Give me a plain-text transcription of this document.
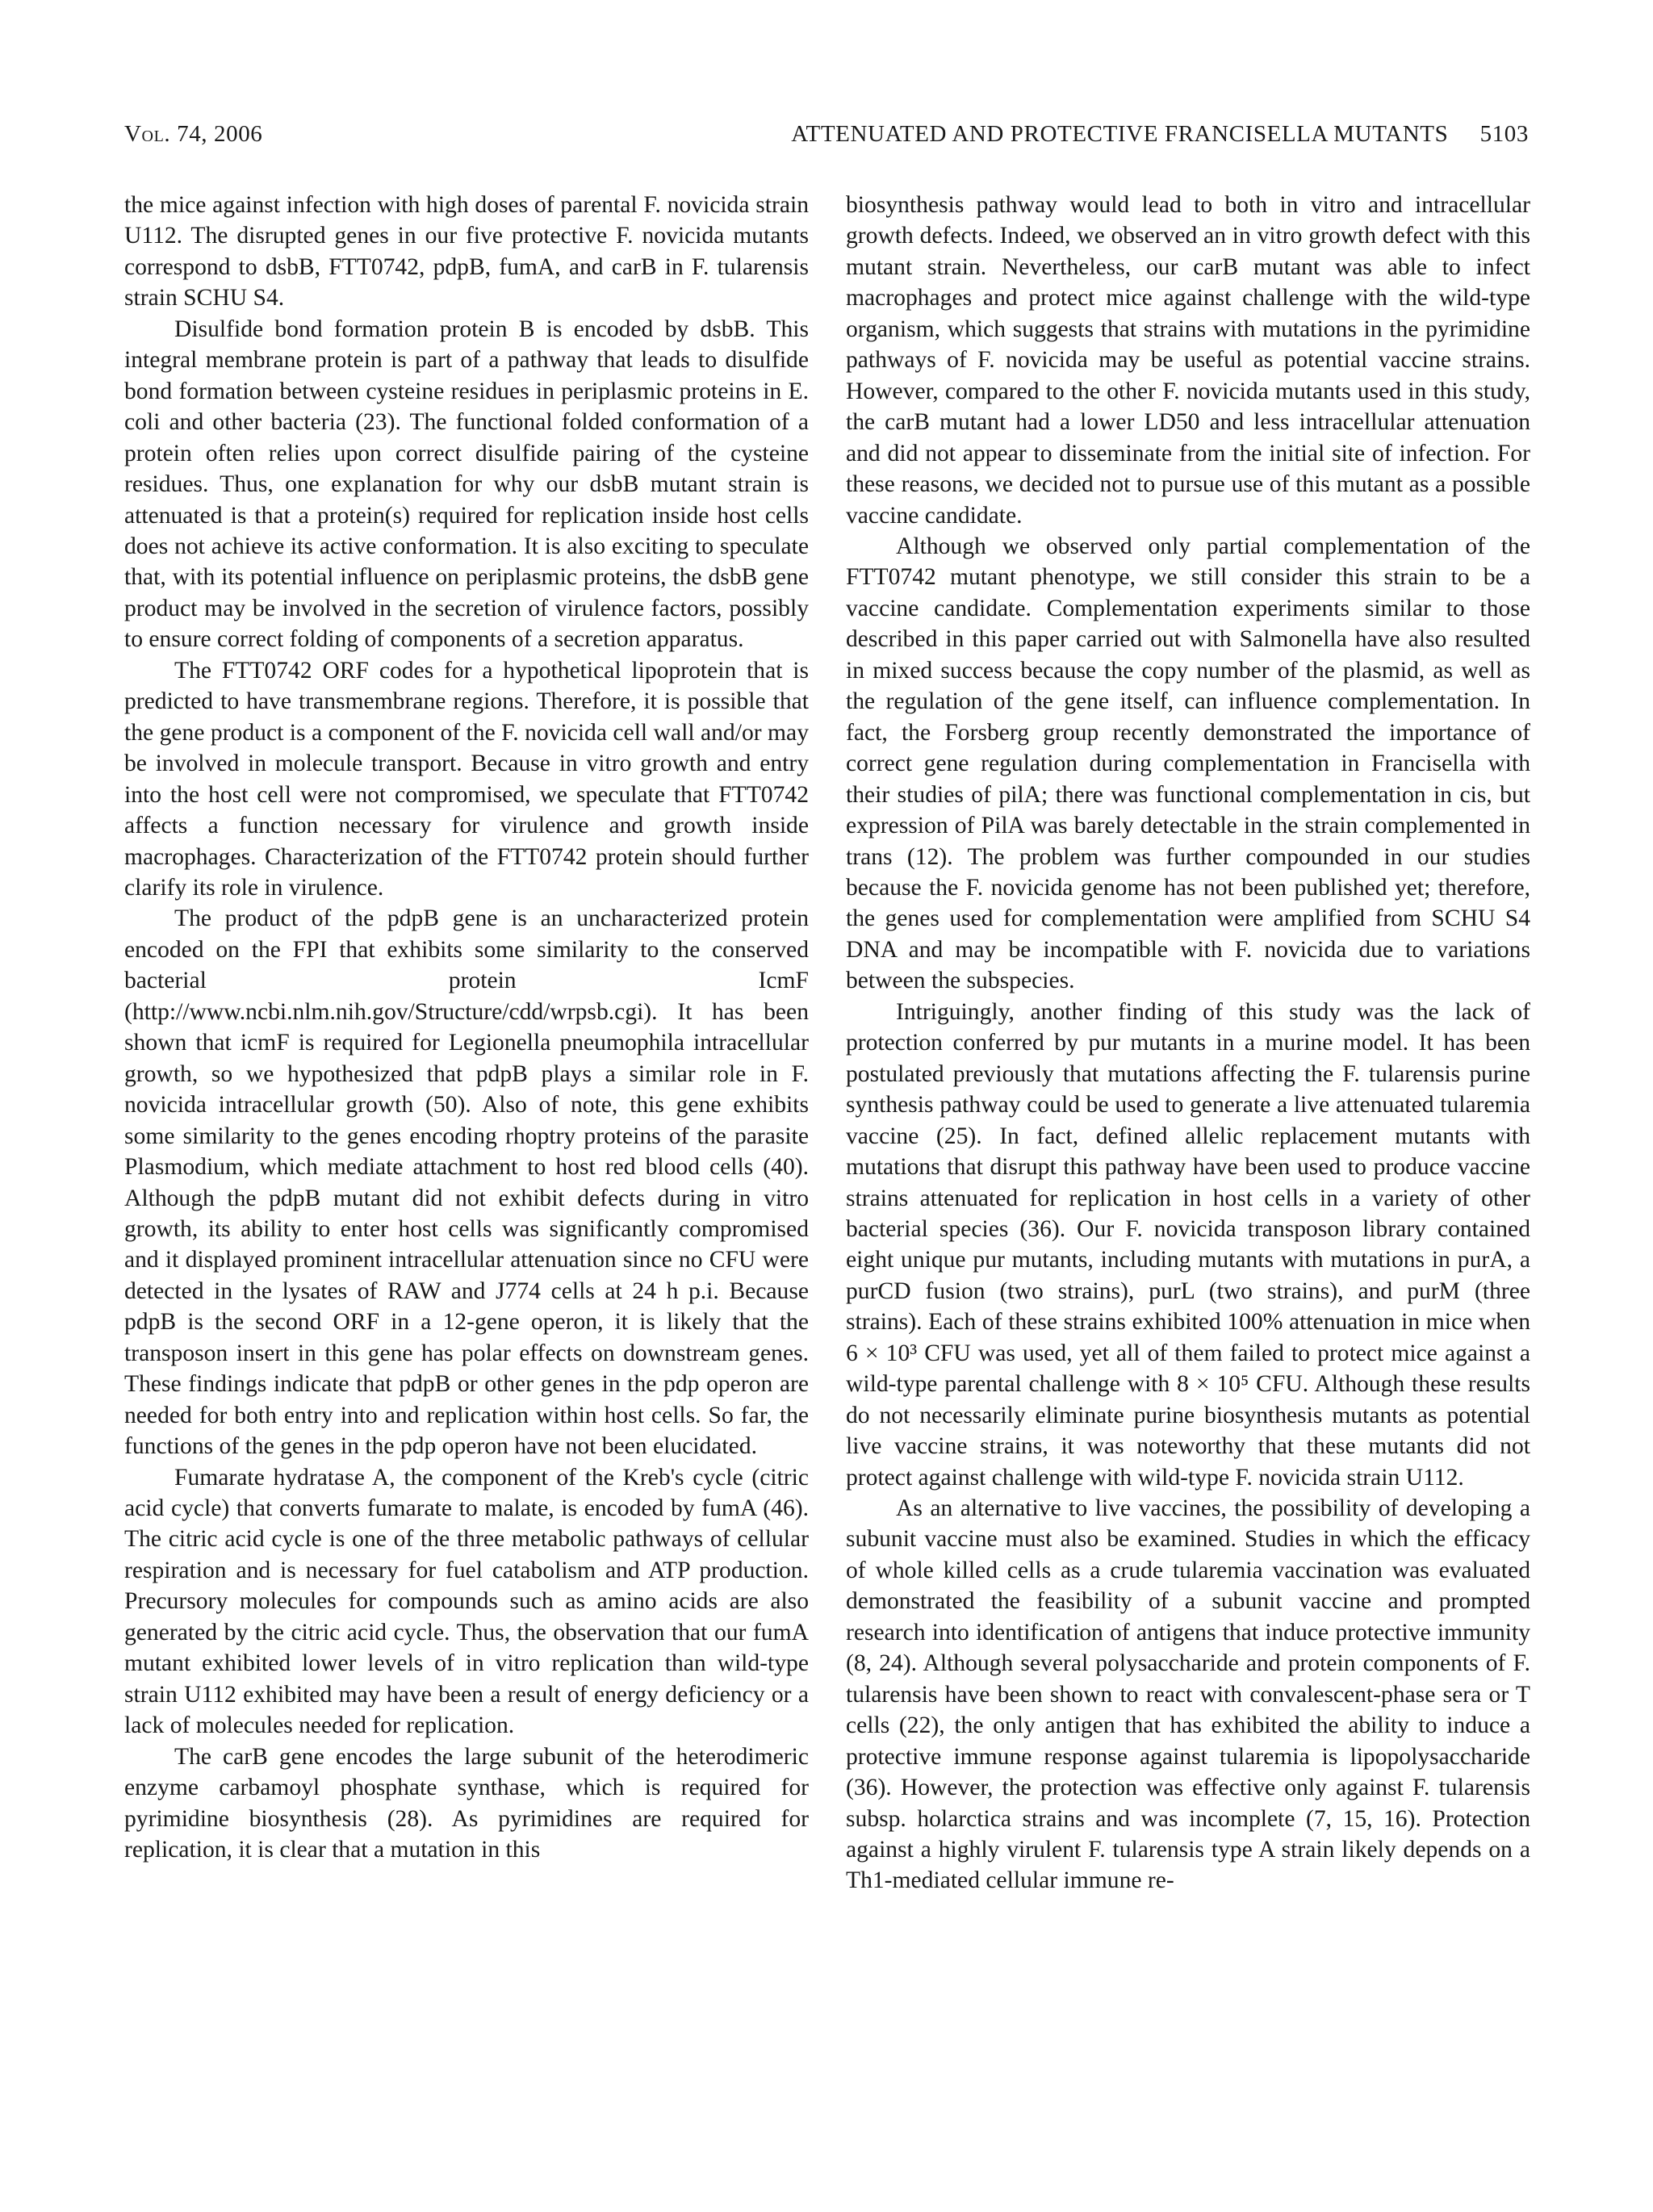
Vol. 74, 2006	ATTENUATED AND PROTECTIVE FRANCISELLA MUTANTS 5103

the mice against infection with high doses of parental F. novicida strain U112. The disrupted genes in our five protective F. novicida mutants correspond to dsbB, FTT0742, pdpB, fumA, and carB in F. tularensis strain SCHU S4.

Disulfide bond formation protein B is encoded by dsbB. This integral membrane protein is part of a pathway that leads to disulfide bond formation between cysteine residues in periplasmic proteins in E. coli and other bacteria (23). The functional folded conformation of a protein often relies upon correct disulfide pairing of the cysteine residues. Thus, one explanation for why our dsbB mutant strain is attenuated is that a protein(s) required for replication inside host cells does not achieve its active conformation. It is also exciting to speculate that, with its potential influence on periplasmic proteins, the dsbB gene product may be involved in the secretion of virulence factors, possibly to ensure correct folding of components of a secretion apparatus.

The FTT0742 ORF codes for a hypothetical lipoprotein that is predicted to have transmembrane regions. Therefore, it is possible that the gene product is a component of the F. novicida cell wall and/or may be involved in molecule transport. Because in vitro growth and entry into the host cell were not compromised, we speculate that FTT0742 affects a function necessary for virulence and growth inside macrophages. Characterization of the FTT0742 protein should further clarify its role in virulence.

The product of the pdpB gene is an uncharacterized protein encoded on the FPI that exhibits some similarity to the conserved bacterial protein IcmF (http://www.ncbi.nlm.nih.gov/Structure/cdd/wrpsb.cgi). It has been shown that icmF is required for Legionella pneumophila intracellular growth, so we hypothesized that pdpB plays a similar role in F. novicida intracellular growth (50). Also of note, this gene exhibits some similarity to the genes encoding rhoptry proteins of the parasite Plasmodium, which mediate attachment to host red blood cells (40). Although the pdpB mutant did not exhibit defects during in vitro growth, its ability to enter host cells was significantly compromised and it displayed prominent intracellular attenuation since no CFU were detected in the lysates of RAW and J774 cells at 24 h p.i. Because pdpB is the second ORF in a 12-gene operon, it is likely that the transposon insert in this gene has polar effects on downstream genes. These findings indicate that pdpB or other genes in the pdp operon are needed for both entry into and replication within host cells. So far, the functions of the genes in the pdp operon have not been elucidated.

Fumarate hydratase A, the component of the Kreb's cycle (citric acid cycle) that converts fumarate to malate, is encoded by fumA (46). The citric acid cycle is one of the three metabolic pathways of cellular respiration and is necessary for fuel catabolism and ATP production. Precursory molecules for compounds such as amino acids are also generated by the citric acid cycle. Thus, the observation that our fumA mutant exhibited lower levels of in vitro replication than wild-type strain U112 exhibited may have been a result of energy deficiency or a lack of molecules needed for replication.

The carB gene encodes the large subunit of the heterodimeric enzyme carbamoyl phosphate synthase, which is required for pyrimidine biosynthesis (28). As pyrimidines are required for replication, it is clear that a mutation in this

biosynthesis pathway would lead to both in vitro and intracellular growth defects. Indeed, we observed an in vitro growth defect with this mutant strain. Nevertheless, our carB mutant was able to infect macrophages and protect mice against challenge with the wild-type organism, which suggests that strains with mutations in the pyrimidine pathways of F. novicida may be useful as potential vaccine strains. However, compared to the other F. novicida mutants used in this study, the carB mutant had a lower LD50 and less intracellular attenuation and did not appear to disseminate from the initial site of infection. For these reasons, we decided not to pursue use of this mutant as a possible vaccine candidate.

Although we observed only partial complementation of the FTT0742 mutant phenotype, we still consider this strain to be a vaccine candidate. Complementation experiments similar to those described in this paper carried out with Salmonella have also resulted in mixed success because the copy number of the plasmid, as well as the regulation of the gene itself, can influence complementation. In fact, the Forsberg group recently demonstrated the importance of correct gene regulation during complementation in Francisella with their studies of pilA; there was functional complementation in cis, but expression of PilA was barely detectable in the strain complemented in trans (12). The problem was further compounded in our studies because the F. novicida genome has not been published yet; therefore, the genes used for complementation were amplified from SCHU S4 DNA and may be incompatible with F. novicida due to variations between the subspecies.

Intriguingly, another finding of this study was the lack of protection conferred by pur mutants in a murine model. It has been postulated previously that mutations affecting the F. tularensis purine synthesis pathway could be used to generate a live attenuated tularemia vaccine (25). In fact, defined allelic replacement mutants with mutations that disrupt this pathway have been used to produce vaccine strains attenuated for replication in host cells in a variety of other bacterial species (36). Our F. novicida transposon library contained eight unique pur mutants, including mutants with mutations in purA, a purCD fusion (two strains), purL (two strains), and purM (three strains). Each of these strains exhibited 100% attenuation in mice when 6 × 10³ CFU was used, yet all of them failed to protect mice against a wild-type parental challenge with 8 × 10⁵ CFU. Although these results do not necessarily eliminate purine biosynthesis mutants as potential live vaccine strains, it was noteworthy that these mutants did not protect against challenge with wild-type F. novicida strain U112.

As an alternative to live vaccines, the possibility of developing a subunit vaccine must also be examined. Studies in which the efficacy of whole killed cells as a crude tularemia vaccination was evaluated demonstrated the feasibility of a subunit vaccine and prompted research into identification of antigens that induce protective immunity (8, 24). Although several polysaccharide and protein components of F. tularensis have been shown to react with convalescent-phase sera or T cells (22), the only antigen that has exhibited the ability to induce a protective immune response against tularemia is lipopolysaccharide (36). However, the protection was effective only against F. tularensis subsp. holarctica strains and was incomplete (7, 15, 16). Protection against a highly virulent F. tularensis type A strain likely depends on a Th1-mediated cellular immune re-
